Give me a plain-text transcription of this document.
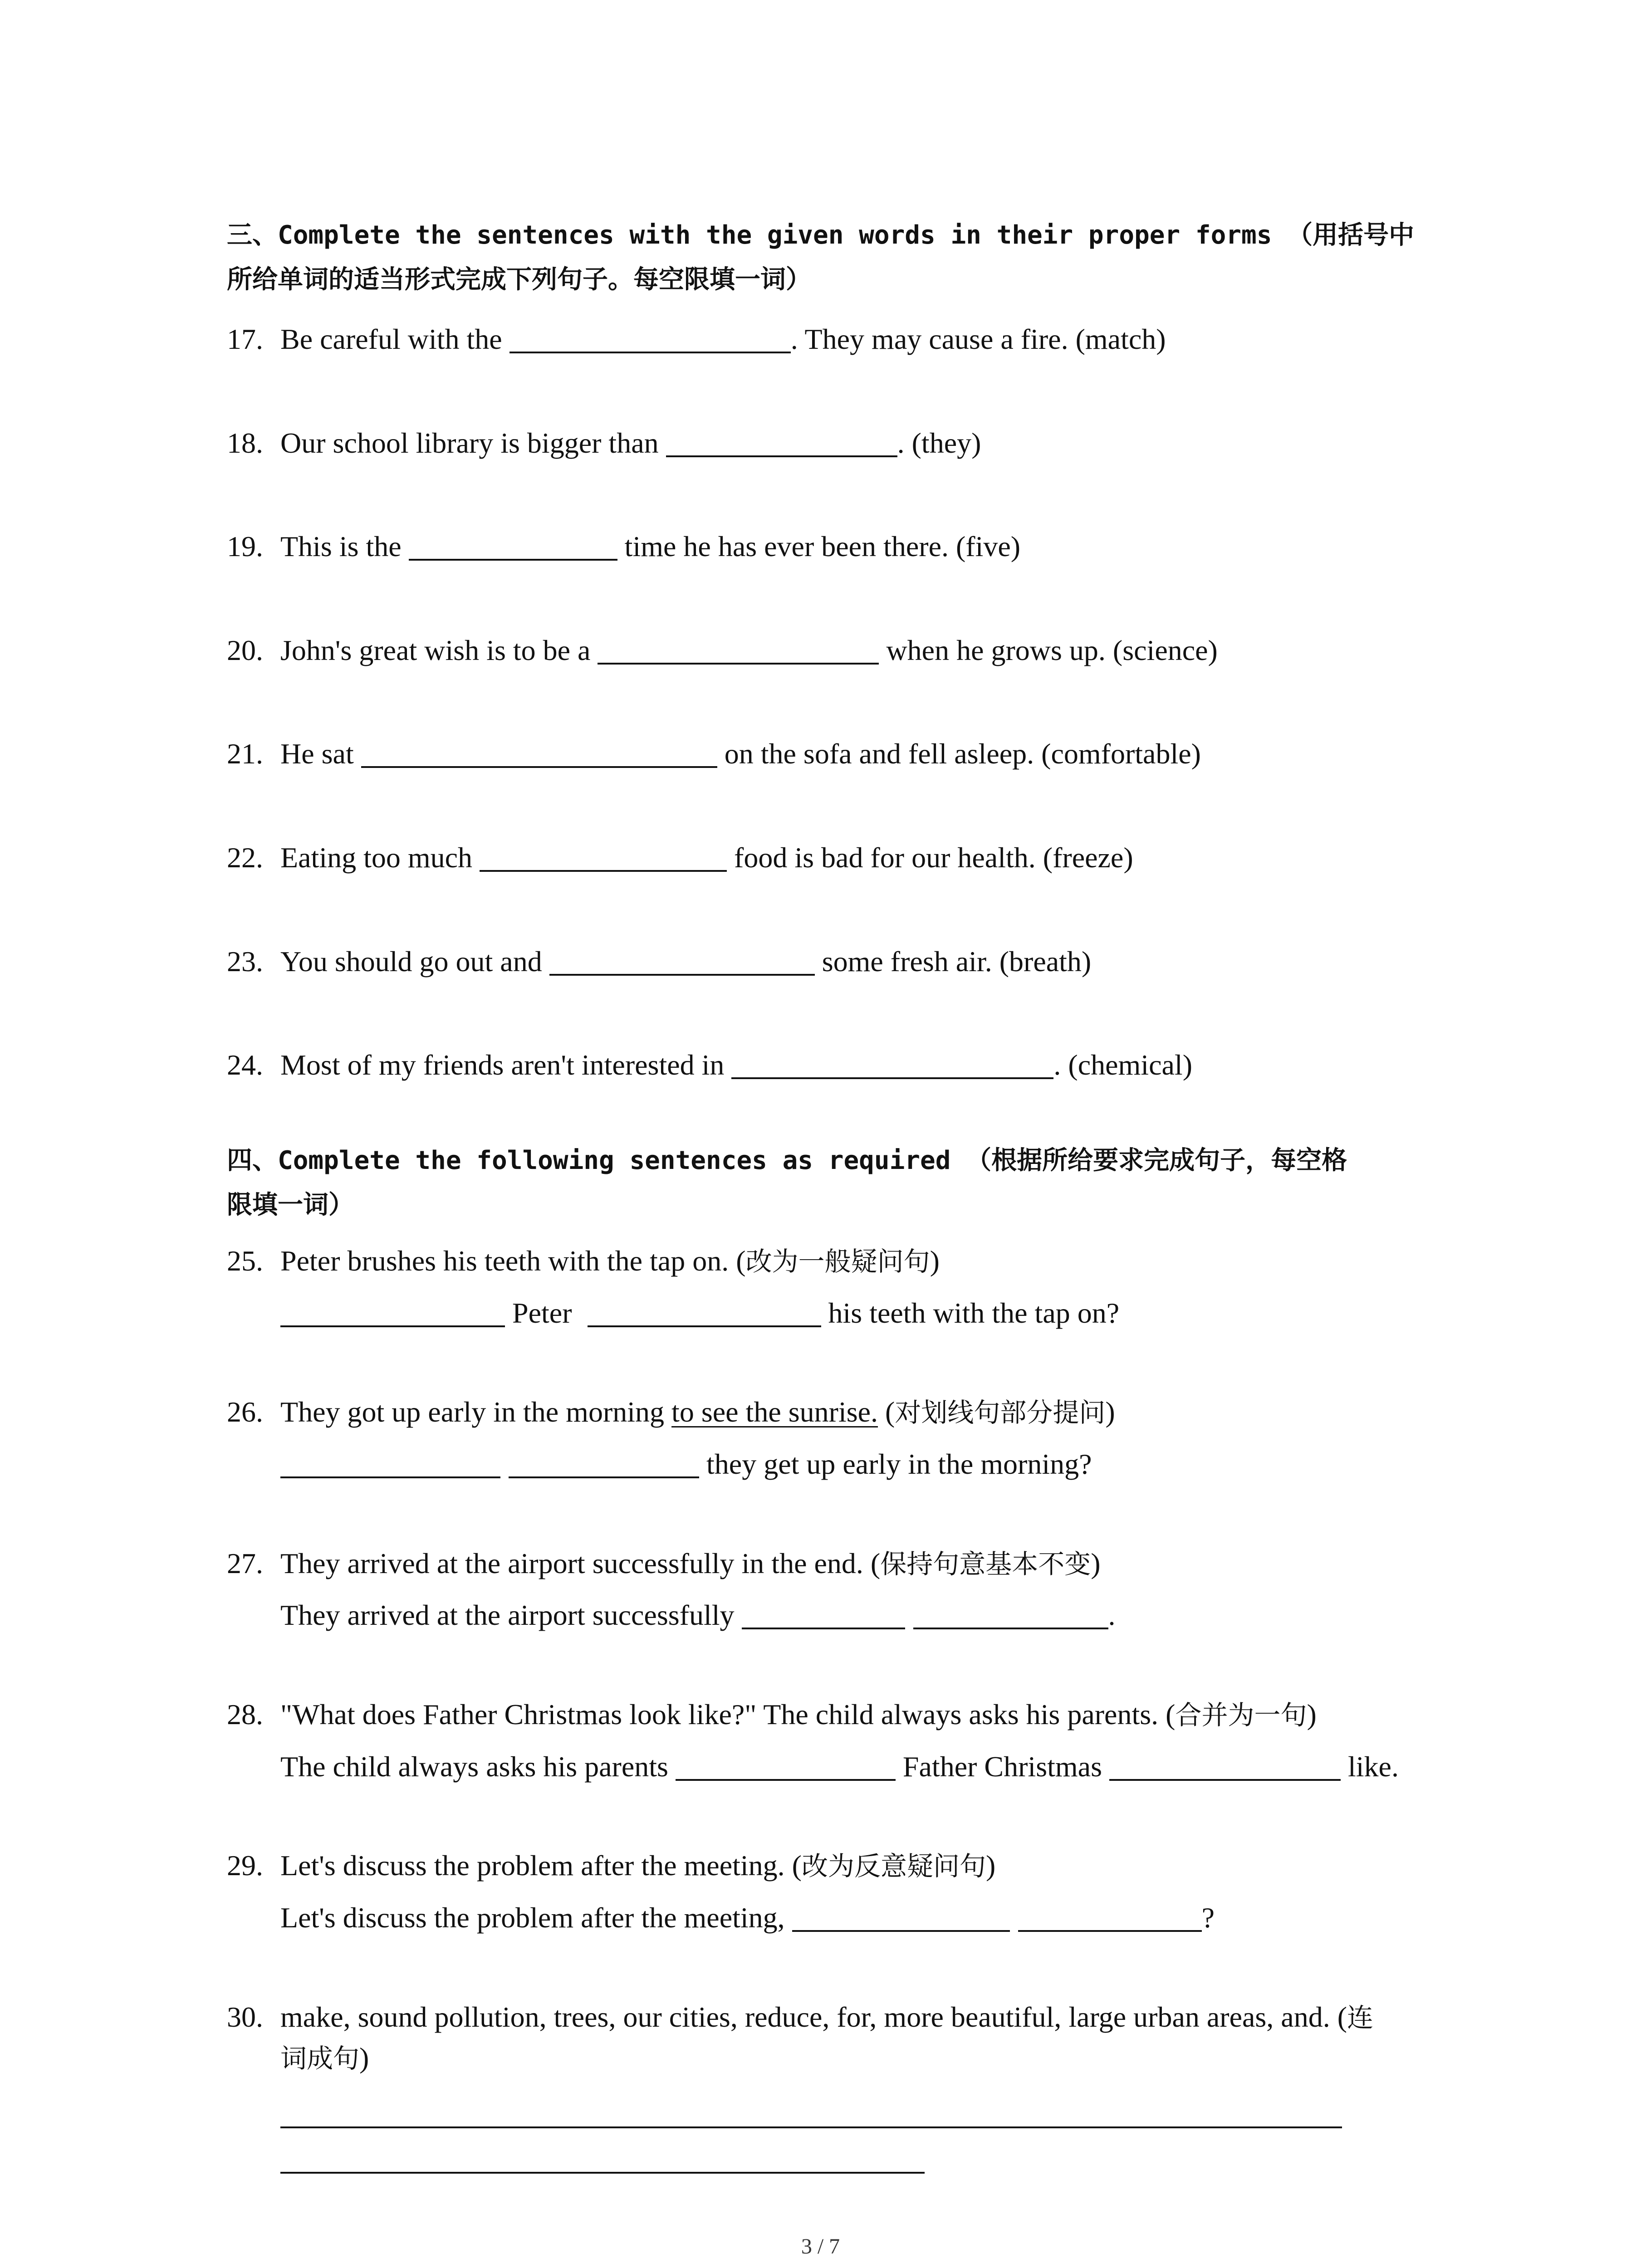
三、Complete the sentences with the given words in their proper forms （用括号中
所给单词的适当形式完成下列句子。每空限填一词）
17. Be careful with the	. They may cause a fire. (match)
18. Our school library is bigger than	. (they)
19. This is the	time he has ever been there. (five)
20. John's great wish is to be a	when he grows up. (science)
21. He sat	on the sofa and fell asleep. (comfortable)
22. Eating too much	food is bad for our health. (freeze)
23. You should go out and	some fresh air. (breath)
24. Most of my friends aren't interested in	. (chemical)
四、Complete the following sentences as required （根据所给要求完成句子，每空格
限填一词）
25. Peter brushes his teeth with the tap on. (改为一般疑问句)
Peter	his teeth with the tap on?
26. They got up early in the morning to see the sunrise. (对划线句部分提问)
they get up early in the morning?
27. They arrived at the airport successfully in the end. (保持句意基本不变)
They arrived at the airport successfully	.
28. "What does Father Christmas look like?" The child always asks his parents. (合并为一句)
The child always asks his parents	Father Christmas	like.
29. Let's discuss the problem after the meeting. (改为反意疑问句)
Let's discuss the problem after the meeting,	?
30. make, sound pollution, trees, our cities, reduce, for, more beautiful, large urban areas, and. (连
词成句)
3 / 7
